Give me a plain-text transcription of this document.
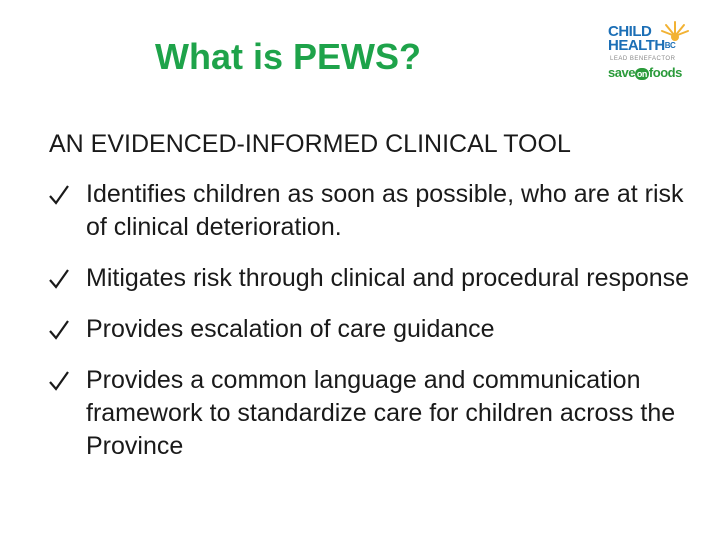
What is PEWS?
CHILD
$HEALTH^{BC}$
LEAD BENEFACTOR
save on foods
AN EVIDENCED-INFORMED CLINICAL TOOL
Identifies children as soon as possible, who are at risk of clinical deterioration.
Mitigates risk through clinical and procedural response
Provides escalation of care guidance
Provides a common language and communication framework to standardize care for children across the Province
